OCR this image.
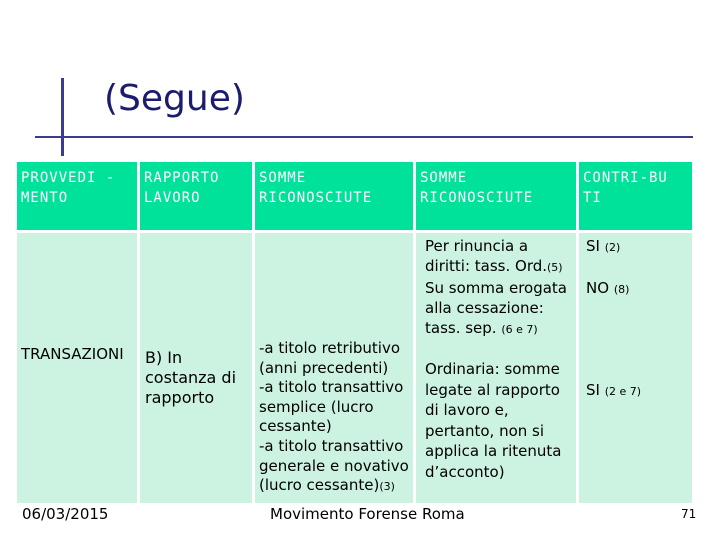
(Segue)
PROVVEDI -
MENTO
RAPPORTO
LAVORO
SOMME
RICONOSCIUTE
SOMME
RICONOSCIUTE
CONTRI-BU
TI
TRANSAZIONI B) In
costanza di
rapporto
-a titolo retributivo
(anni precedenti)
-a titolo transattivo
semplice (lucro
cessante)
-a titolo transattivo
generale e novativo
(lucro cessante)(3)
Per rinuncia a
diritti: tass. Ord.(5)
Su somma erogata
alla cessazione:
tass. sep. (6 e 7)
Ordinaria: somme
legate al rapporto
di lavoro e,
pertanto, non si
applica la ritenuta
d’acconto)
SI (2)
NO (8)
SI (2 e 7)
06/03/2015	Movimento Forense Roma	71
